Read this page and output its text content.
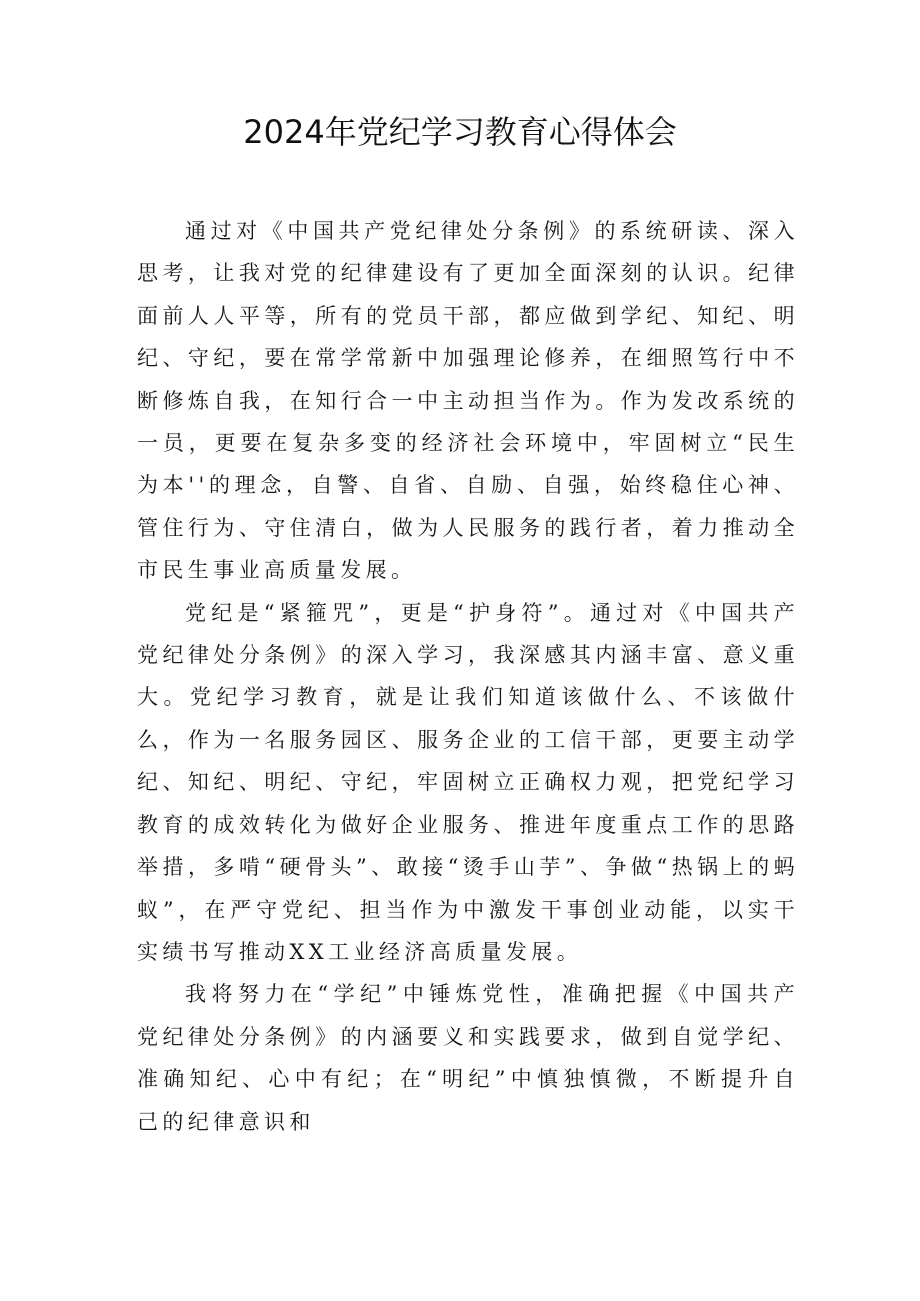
2024年党纪学习教育心得体会

通过对《中国共产党纪律处分条例》的系统研读、深入思考，让我对党的纪律建设有了更加全面深刻的认识。纪律面前人人平等，所有的党员干部，都应做到学纪、知纪、明纪、守纪，要在常学常新中加强理论修养，在细照笃行中不断修炼自我，在知行合一中主动担当作为。作为发改系统的一员，更要在复杂多变的经济社会环境中，牢固树立“民生为本''的理念，自警、自省、自励、自强，始终稳住心神、管住行为、守住清白，做为人民服务的践行者，着力推动全市民生事业高质量发展。

党纪是“紧箍咒”，更是“护身符”。通过对《中国共产党纪律处分条例》的深入学习，我深感其内涵丰富、意义重大。党纪学习教育，就是让我们知道该做什么、不该做什么，作为一名服务园区、服务企业的工信干部，更要主动学纪、知纪、明纪、守纪，牢固树立正确权力观，把党纪学习教育的成效转化为做好企业服务、推进年度重点工作的思路举措，多啃“硬骨头”、敢接“烫手山芋”、争做“热锅上的蚂蚁”，在严守党纪、担当作为中激发干事创业动能，以实干实绩书写推动XX工业经济高质量发展。

我将努力在“学纪”中锤炼党性，准确把握《中国共产党纪律处分条例》的内涵要义和实践要求，做到自觉学纪、准确知纪、心中有纪；在“明纪”中慎独慎微，不断提升自己的纪律意识和
